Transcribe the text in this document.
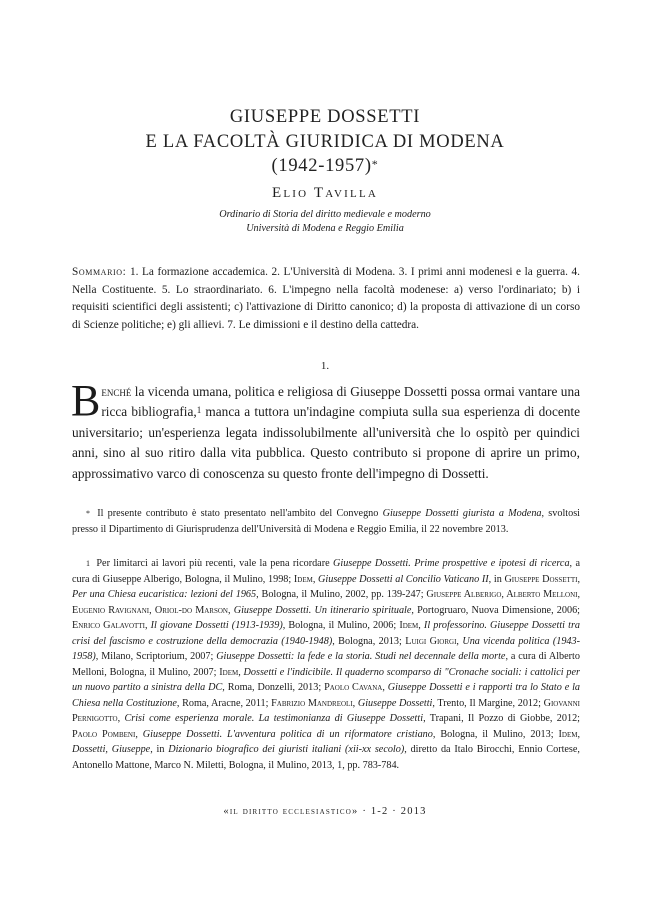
GIUSEPPE DOSSETTI
E LA FACOLTÀ GIURIDICA DI MODENA
(1942-1957)*
Elio Tavilla
Ordinario di Storia del diritto medievale e moderno
Università di Modena e Reggio Emilia
Sommario: 1. La formazione accademica. 2. L'Università di Modena. 3. I primi anni modenesi e la guerra. 4. Nella Costituente. 5. Lo straordinariato. 6. L'impegno nella facoltà modenese: a) verso l'ordinariato; b) i requisiti scientifici degli assistenti; c) l'attivazione di Diritto canonico; d) la proposta di attivazione di un corso di Scienze politiche; e) gli allievi. 7. Le dimissioni e il destino della cattedra.
1.
Benché la vicenda umana, politica e religiosa di Giuseppe Dossetti possa ormai vantare una ricca bibliografia,$^1$ manca a tuttora un'indagine compiuta sulla sua esperienza di docente universitario; un'esperienza legata indissolubilmente all'università che lo ospitò per quindici anni, sino al suo ritiro dalla vita pubblica. Questo contributo si propone di aprire un primo, approssimativo varco di conoscenza su questo fronte dell'impegno di Dossetti.
* Il presente contributo è stato presentato nell'ambito del Convegno Giuseppe Dossetti giurista a Modena, svoltosi presso il Dipartimento di Giurisprudenza dell'Università di Modena e Reggio Emilia, il 22 novembre 2013.
$^1$ Per limitarci ai lavori più recenti, vale la pena ricordare Giuseppe Dossetti. Prime prospettive e ipotesi di ricerca, a cura di Giuseppe Alberigo, Bologna, il Mulino, 1998; Idem, Giuseppe Dossetti al Concilio Vaticano II, in Giuseppe Dossetti, Per una Chiesa eucaristica: lezioni del 1965, Bologna, il Mulino, 2002, pp. 139-247; Giuseppe Alberigo, Alberto Melloni, Eugenio Ravignani, Oriol-do Marson, Giuseppe Dossetti. Un itinerario spirituale, Portogruaro, Nuova Dimensione, 2006; Enrico Galavotti, Il giovane Dossetti (1913-1939), Bologna, il Mulino, 2006; Idem, Il professorino. Giuseppe Dossetti tra crisi del fascismo e costruzione della democrazia (1940-1948), Bologna, 2013; Luigi Giorgi, Una vicenda politica (1943-1958), Milano, Scriptorium, 2007; Giuseppe Dossetti: la fede e la storia. Studi nel decennale della morte, a cura di Alberto Melloni, Bologna, il Mulino, 2007; Idem, Dossetti e l'indicibile. Il quaderno scomparso di "Cronache sociali: i cattolici per un nuovo partito a sinistra della DC, Roma, Donzelli, 2013; Paolo Cavana, Giuseppe Dossetti e i rapporti tra lo Stato e la Chiesa nella Costituzione, Roma, Aracne, 2011; Fabrizio Mandreoli, Giuseppe Dossetti, Trento, Il Margine, 2012; Giovanni Pernigotto, Crisi come esperienza morale. La testimonianza di Giuseppe Dossetti, Trapani, Il Pozzo di Giobbe, 2012; Paolo Pombeni, Giuseppe Dossetti. L'avventura politica di un riformatore cristiano, Bologna, il Mulino, 2013; Idem, Dossetti, Giuseppe, in Dizionario biografico dei giuristi italiani (xii-xx secolo), diretto da Italo Birocchi, Ennio Cortese, Antonello Mattone, Marco N. Miletti, Bologna, il Mulino, 2013, 1, pp. 783-784.
«il diritto ecclesiastico» · 1-2 · 2013
